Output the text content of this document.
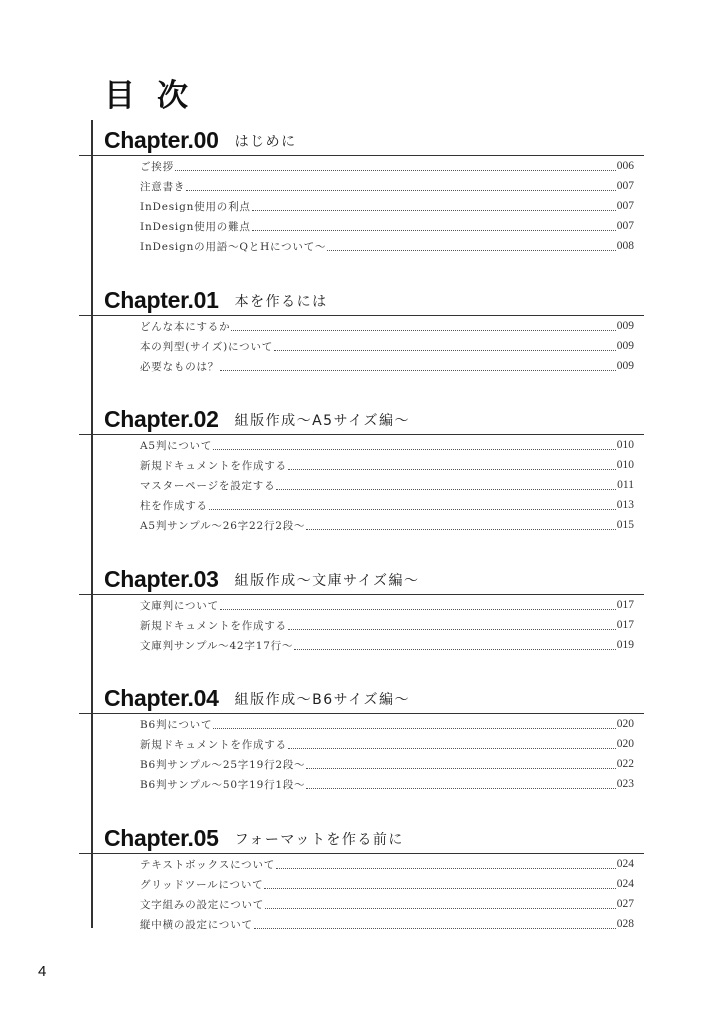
目次
Chapter.00 はじめに
ご挨拶	006
注意書き	007
InDesign使用の利点	007
InDesign使用の難点	007
InDesignの用語〜QとHについて〜	008
Chapter.01 本を作るには
どんな本にするか	009
本の判型(サイズ)について	009
必要なものは？	009
Chapter.02 組版作成〜A5サイズ編〜
A5判について	010
新規ドキュメントを作成する	010
マスターページを設定する	011
柱を作成する	013
A5判サンプル〜26字22行2段〜	015
Chapter.03 組版作成〜文庫サイズ編〜
文庫判について	017
新規ドキュメントを作成する	017
文庫判サンプル〜42字17行〜	019
Chapter.04 組版作成〜B6サイズ編〜
B6判について	020
新規ドキュメントを作成する	020
B6判サンプル〜25字19行2段〜	022
B6判サンプル〜50字19行1段〜	023
Chapter.05 フォーマットを作る前に
テキストボックスについて	024
グリッドツールについて	024
文字組みの設定について	027
縦中横の設定について	028
4
